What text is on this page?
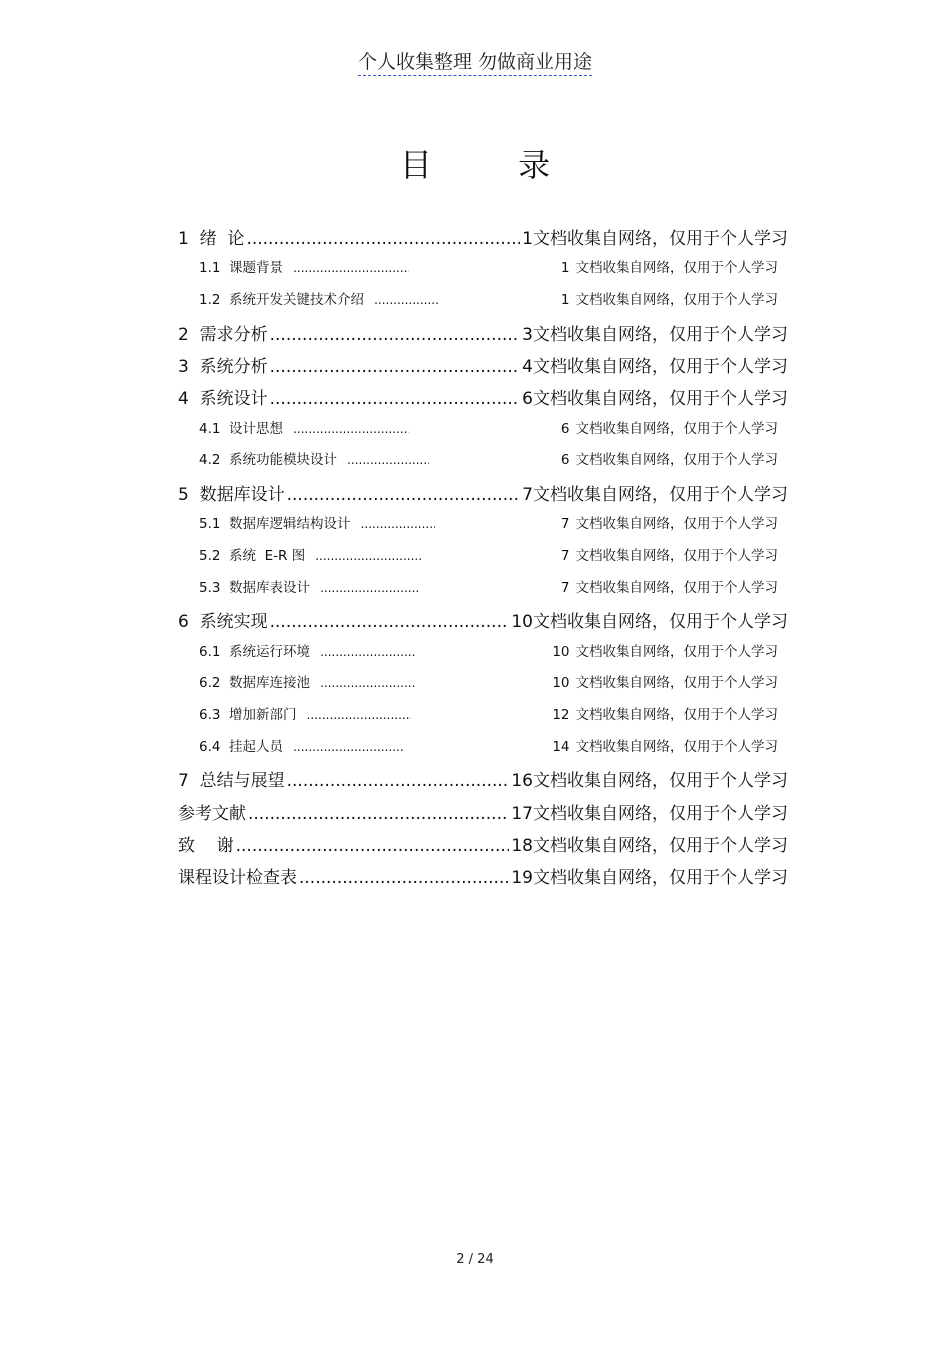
个人收集整理 勿做商业用途
目 录
1  绪  论 .....	1 文档收集自网络，仅用于个人学习
1.1  课题背景 .....	1 文档收集自网络，仅用于个人学习
1.2  系统开发关键技术介绍 .....	1 文档收集自网络，仅用于个人学习
2  需求分析 .....	3 文档收集自网络，仅用于个人学习
3  系统分析 .....	4 文档收集自网络，仅用于个人学习
4  系统设计 .....	6 文档收集自网络，仅用于个人学习
4.1  设计思想 .....	6 文档收集自网络，仅用于个人学习
4.2  系统功能模块设计 .....	6 文档收集自网络，仅用于个人学习
5  数据库设计 .....	7 文档收集自网络，仅用于个人学习
5.1  数据库逻辑结构设计 .....	7 文档收集自网络，仅用于个人学习
5.2  系统  E-R 图 .....	7 文档收集自网络，仅用于个人学习
5.3  数据库表设计 .....	7 文档收集自网络，仅用于个人学习
6  系统实现 .....	10 文档收集自网络，仅用于个人学习
6.1  系统运行环境 .....	10 文档收集自网络，仅用于个人学习
6.2  数据库连接池 .....	10 文档收集自网络，仅用于个人学习
6.3  增加新部门 .....	12 文档收集自网络，仅用于个人学习
6.4  挂起人员 .....	14 文档收集自网络，仅用于个人学习
7  总结与展望 .....	16 文档收集自网络，仅用于个人学习
参考文献 .....	17 文档收集自网络，仅用于个人学习
致    谢 .....	18 文档收集自网络，仅用于个人学习
课程设计检查表 .....	19 文档收集自网络，仅用于个人学习
2 / 24
